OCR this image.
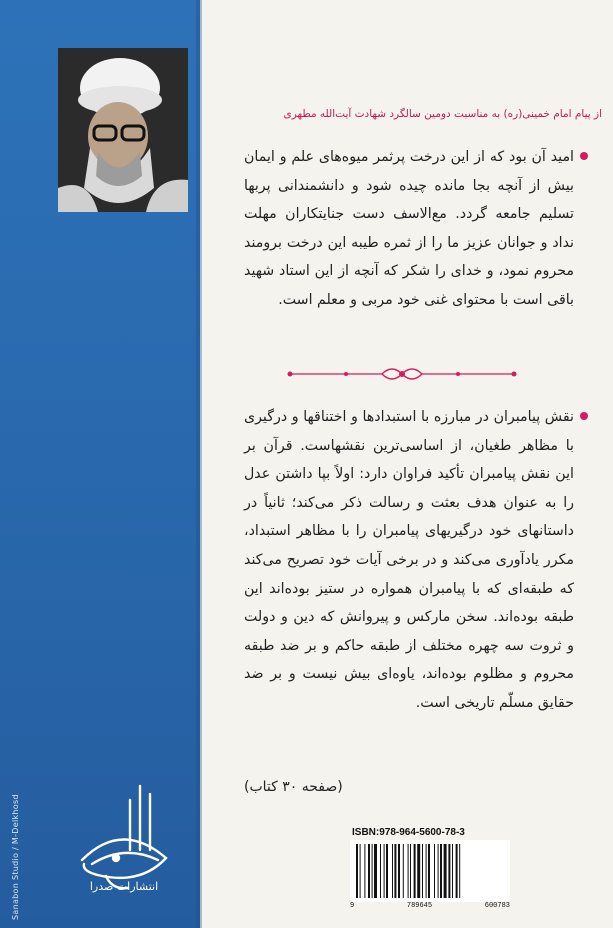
از پیام امام خمینی(ره) به مناسبت دومین سالگرد شهادت آیت‌الله مطهری
امید آن بود که از این درخت پرثمر میوه‌های علم و ایمان بیش از آنچه بجا مانده چیده شود و دانشمندانی پربها تسلیم جامعه گردد. مع‌الاسف دست جنایتکاران مهلت نداد و جوانان عزیز ما را از ثمره طیبه این درخت برومند محروم نمود، و خدای را شکر که آنچه از این استاد شهید باقی است با محتوای غنی خود مربی و معلم است.
نقش پیامبران در مبارزه با استبدادها و اختناقها و درگیری با مظاهر طغیان، از اساسی‌ترین نقشهاست. قرآن بر این نقش پیامبران تأکید فراوان دارد: اولاً بپا داشتن عدل را به عنوان هدف بعثت و رسالت ذکر می‌کند؛ ثانیاً در داستانهای خود درگیریهای پیامبران را با مظاهر استبداد، مکرر یادآوری می‌کند و در برخی آیات خود تصریح می‌کند که طبقه‌ای که با پیامبران همواره در ستیز بوده‌اند این طبقه بوده‌اند. سخن مارکس و پیروانش که دین و دولت و ثروت سه چهره مختلف از طبقه حاکم و بر ضد طبقه محروم و مظلوم بوده‌اند، یاوه‌ای بیش نیست و بر ضد حقایق مسلّم تاریخی است.
(صفحه ۳۰ کتاب)
ISBN:978-964-5600-78-3
9	789645	600783
Sanabon Studio / M-Delkhosd	انتشارات صدرا
